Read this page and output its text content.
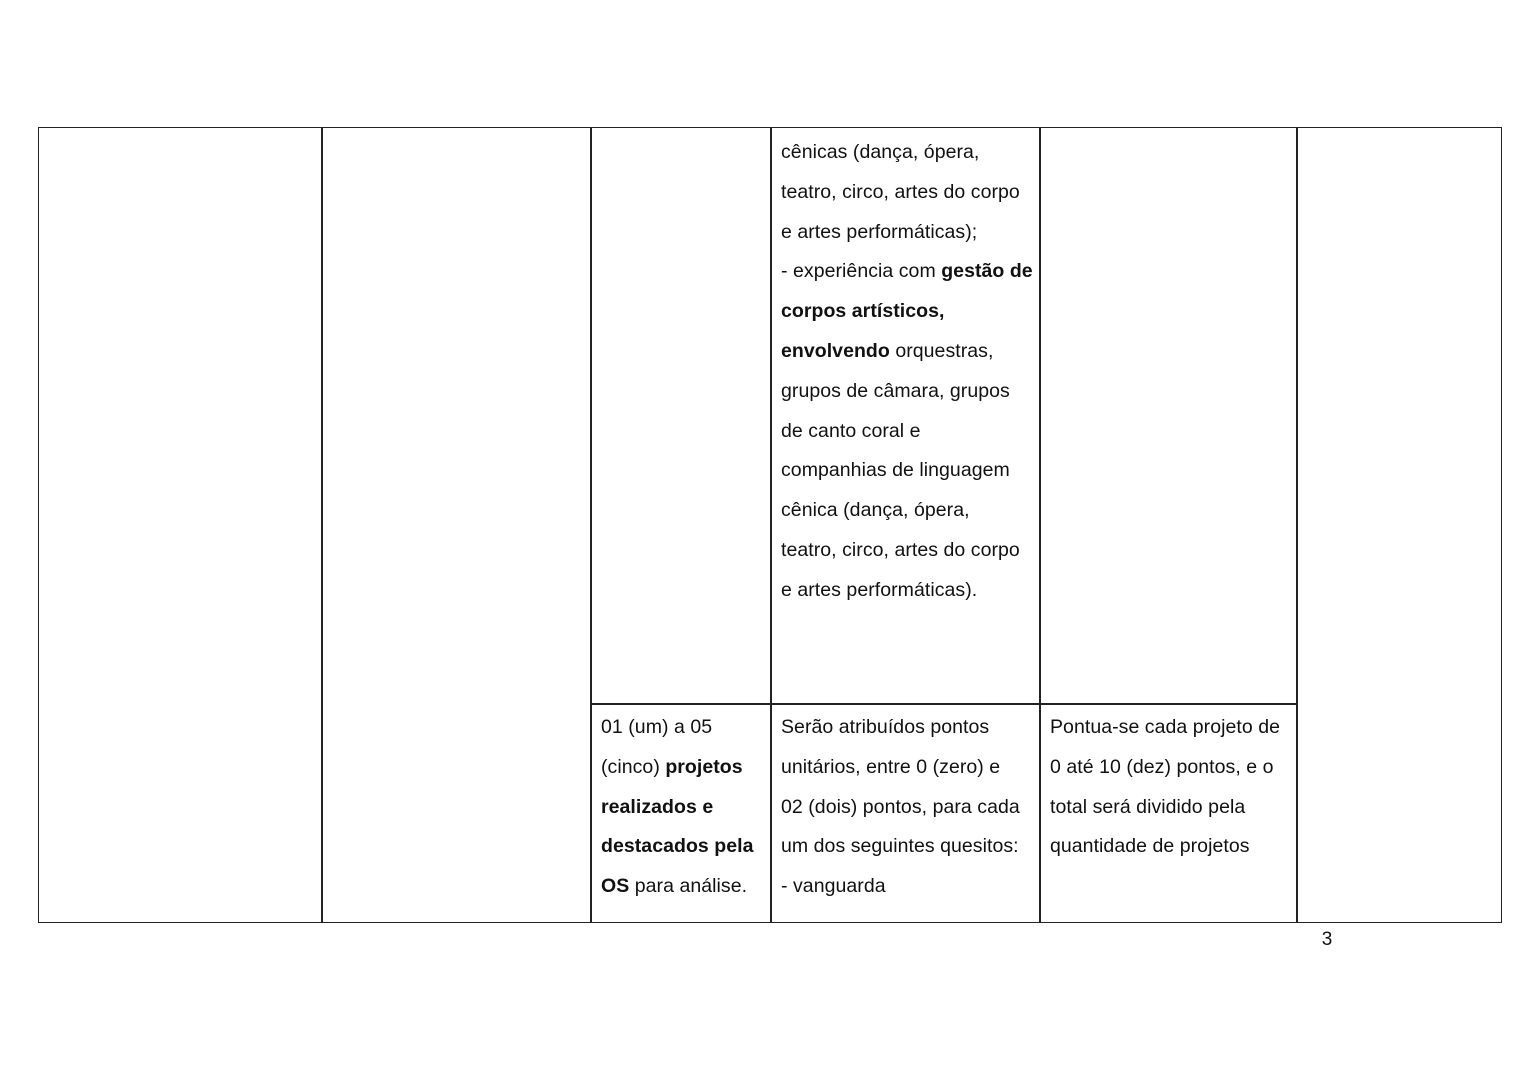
cênicas (dança, ópera,
teatro, circo, artes do corpo
e artes performáticas);
- experiência com gestão de
corpos artísticos,
envolvendo orquestras,
grupos de câmara, grupos
de canto coral e
companhias de linguagem
cênica (dança, ópera,
teatro, circo, artes do corpo
e artes performáticas).
01 (um) a 05
(cinco) projetos
realizados e
destacados pela
OS para análise.
Serão atribuídos pontos
unitários, entre 0 (zero) e
02 (dois) pontos, para cada
um dos seguintes quesitos:
- vanguarda
Pontua-se cada projeto de
0 até 10 (dez) pontos, e o
total será dividido pela
quantidade de projetos
3
